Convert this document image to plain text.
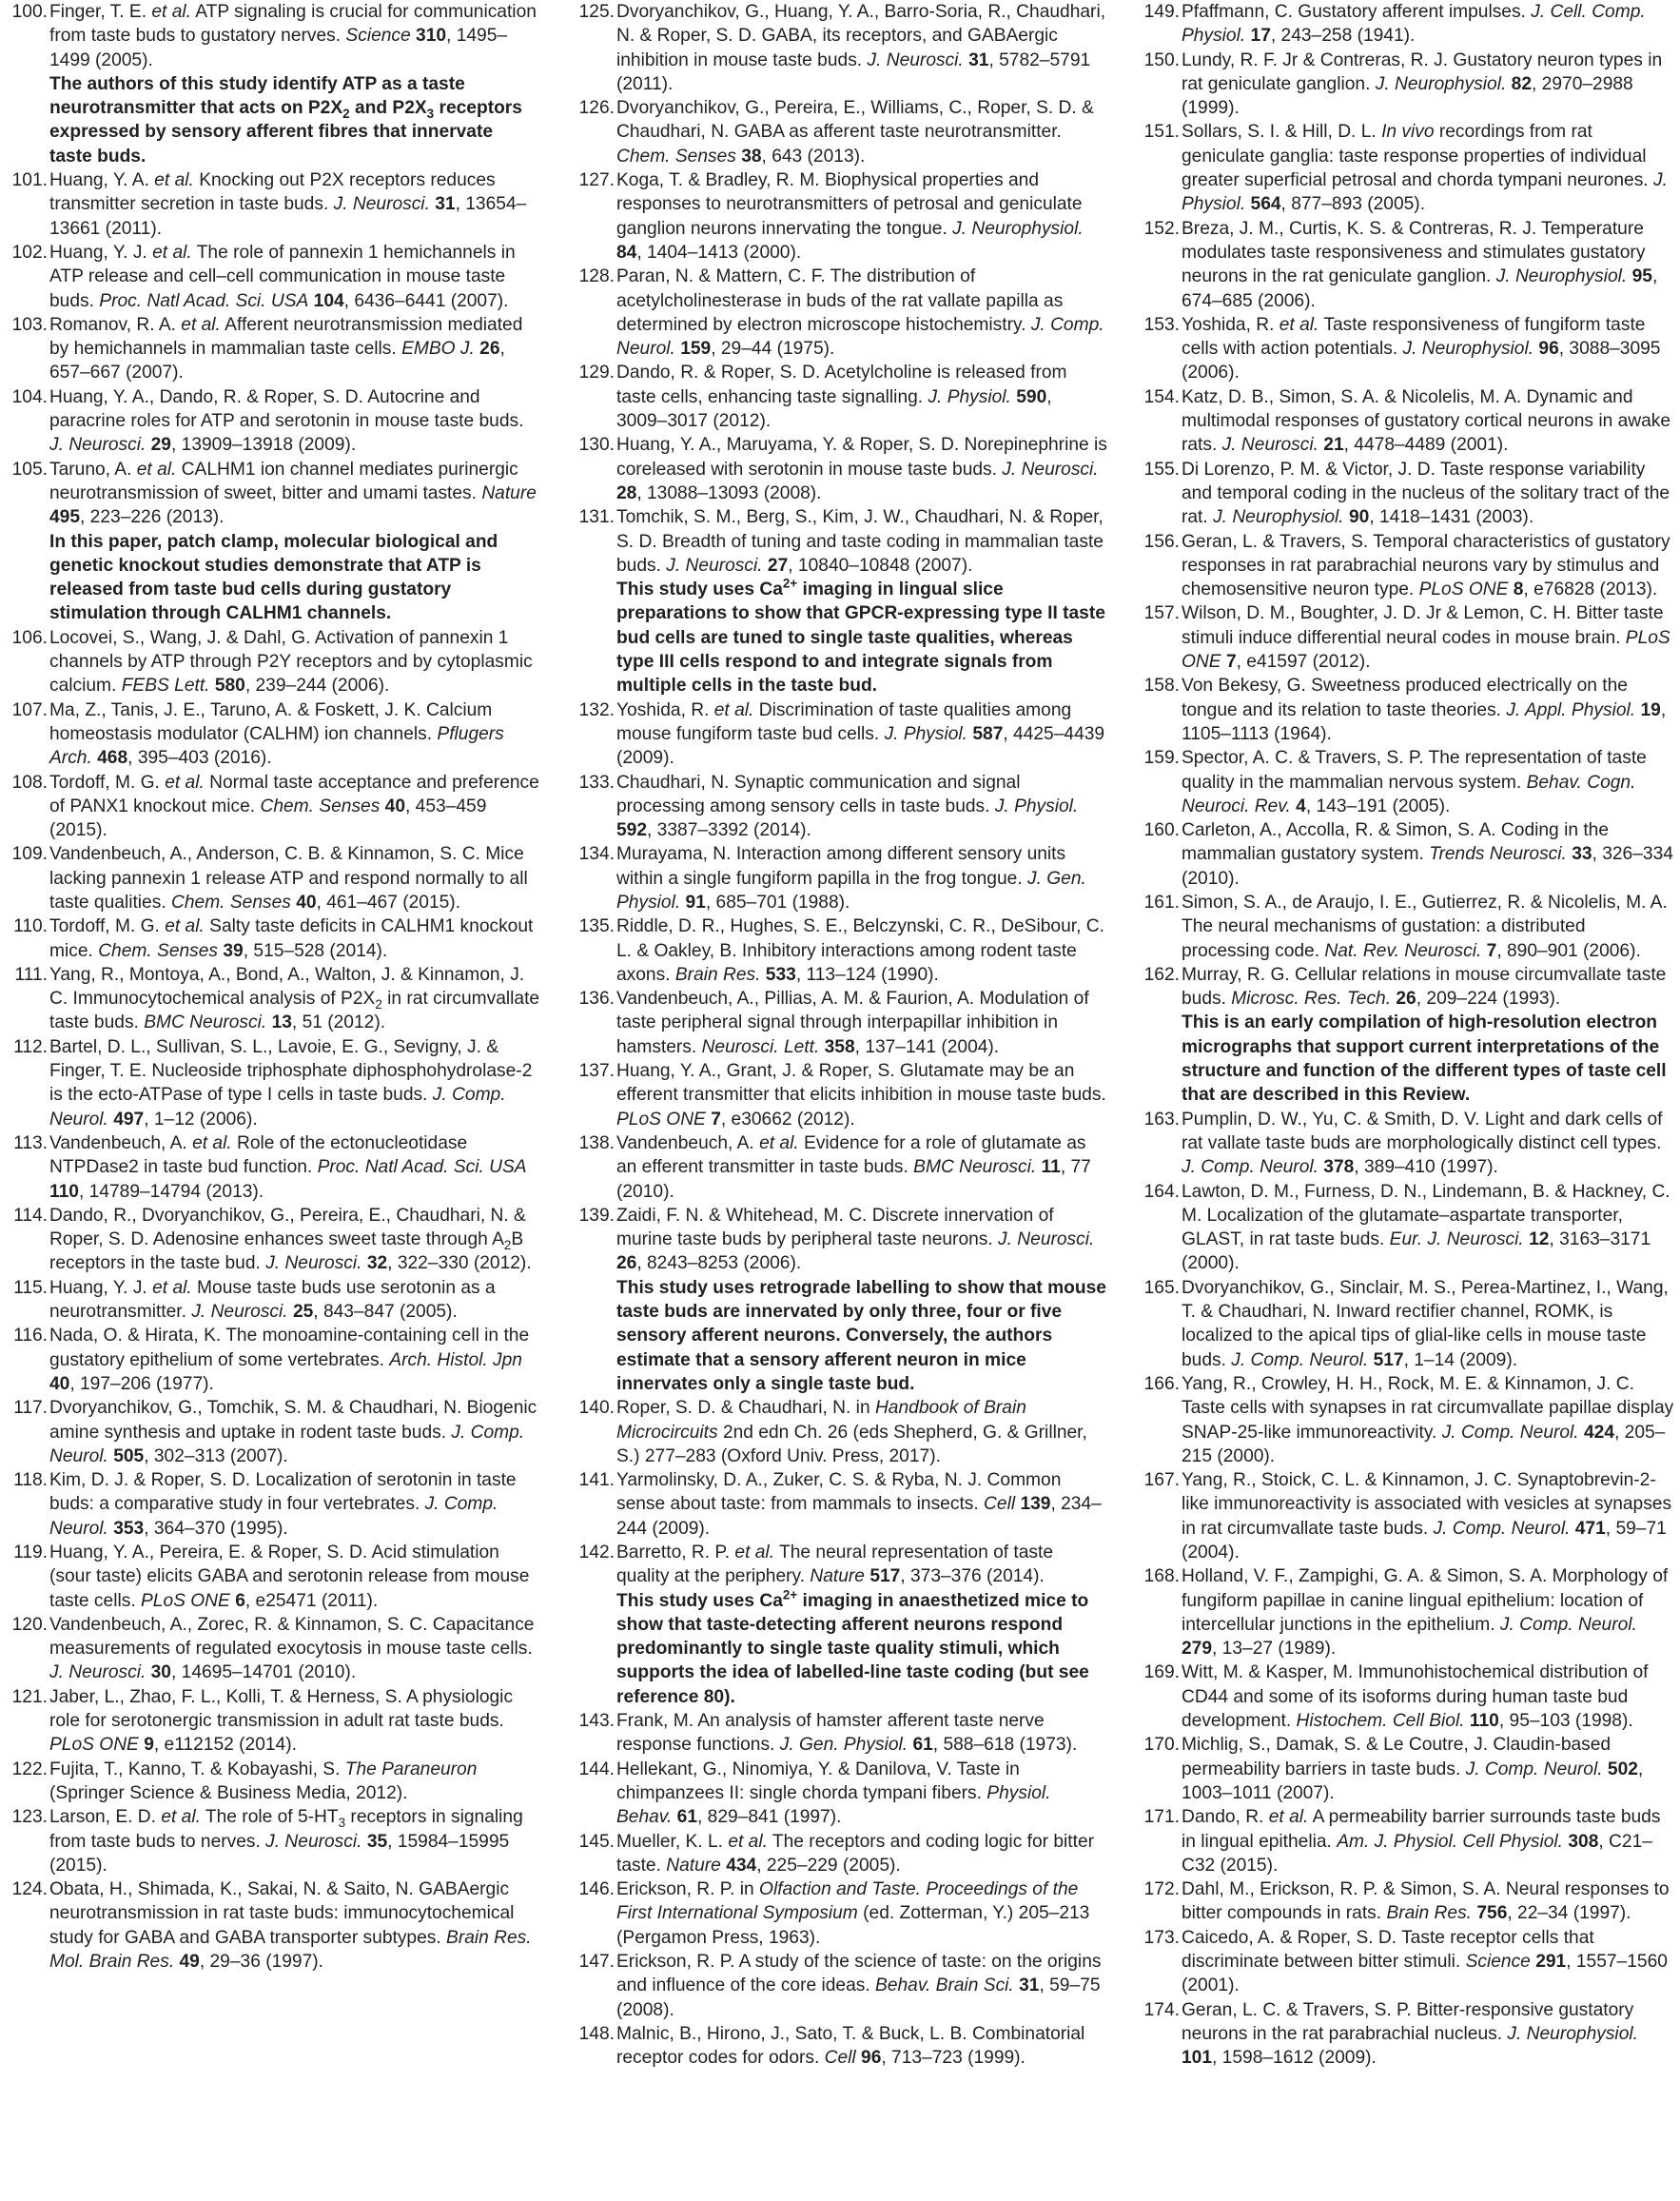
100. Finger, T. E. et al. ATP signaling is crucial for communication from taste buds to gustatory nerves. Science 310, 1495–1499 (2005).
The authors of this study identify ATP as a taste neurotransmitter that acts on $P2X_2$ and $P2X_3$ receptors expressed by sensory afferent fibres that innervate taste buds.

101. Huang, Y. A. et al. Knocking out P2X receptors reduces transmitter secretion in taste buds. J. Neurosci. 31, 13654–13661 (2011).

102. Huang, Y. J. et al. The role of pannexin 1 hemichannels in ATP release and cell–cell communication in mouse taste buds. Proc. Natl Acad. Sci. USA 104, 6436–6441 (2007).

103. Romanov, R. A. et al. Afferent neurotransmission mediated by hemichannels in mammalian taste cells. EMBO J. 26, 657–667 (2007).

104. Huang, Y. A., Dando, R. & Roper, S. D. Autocrine and paracrine roles for ATP and serotonin in mouse taste buds. J. Neurosci. 29, 13909–13918 (2009).

105. Taruno, A. et al. CALHM1 ion channel mediates purinergic neurotransmission of sweet, bitter and umami tastes. Nature 495, 223–226 (2013).
In this paper, patch clamp, molecular biological and genetic knockout studies demonstrate that ATP is released from taste bud cells during gustatory stimulation through CALHM1 channels.

106. Locovei, S., Wang, J. & Dahl, G. Activation of pannexin 1 channels by ATP through P2Y receptors and by cytoplasmic calcium. FEBS Lett. 580, 239–244 (2006).

107. Ma, Z., Tanis, J. E., Taruno, A. & Foskett, J. K. Calcium homeostasis modulator (CALHM) ion channels. Pflugers Arch. 468, 395–403 (2016).

108. Tordoff, M. G. et al. Normal taste acceptance and preference of PANX1 knockout mice. Chem. Senses 40, 453–459 (2015).

109. Vandenbeuch, A., Anderson, C. B. & Kinnamon, S. C. Mice lacking pannexin 1 release ATP and respond normally to all taste qualities. Chem. Senses 40, 461–467 (2015).

110. Tordoff, M. G. et al. Salty taste deficits in CALHM1 knockout mice. Chem. Senses 39, 515–528 (2014).

111. Yang, R., Montoya, A., Bond, A., Walton, J. & Kinnamon, J. C. Immunocytochemical analysis of $P2X_2$ in rat circumvallate taste buds. BMC Neurosci. 13, 51 (2012).

112. Bartel, D. L., Sullivan, S. L., Lavoie, E. G., Sevigny, J. & Finger, T. E. Nucleoside triphosphate diphosphohydrolase-2 is the ecto-ATPase of type I cells in taste buds. J. Comp. Neurol. 497, 1–12 (2006).

113. Vandenbeuch, A. et al. Role of the ectonucleotidase NTPDase2 in taste bud function. Proc. Natl Acad. Sci. USA 110, 14789–14794 (2013).

114. Dando, R., Dvoryanchikov, G., Pereira, E., Chaudhari, N. & Roper, S. D. Adenosine enhances sweet taste through $A_2B$ receptors in the taste bud. J. Neurosci. 32, 322–330 (2012).

115. Huang, Y. J. et al. Mouse taste buds use serotonin as a neurotransmitter. J. Neurosci. 25, 843–847 (2005).

116. Nada, O. & Hirata, K. The monoamine-containing cell in the gustatory epithelium of some vertebrates. Arch. Histol. Jpn 40, 197–206 (1977).

117. Dvoryanchikov, G., Tomchik, S. M. & Chaudhari, N. Biogenic amine synthesis and uptake in rodent taste buds. J. Comp. Neurol. 505, 302–313 (2007).

118. Kim, D. J. & Roper, S. D. Localization of serotonin in taste buds: a comparative study in four vertebrates. J. Comp. Neurol. 353, 364–370 (1995).

119. Huang, Y. A., Pereira, E. & Roper, S. D. Acid stimulation (sour taste) elicits GABA and serotonin release from mouse taste cells. PLoS ONE 6, e25471 (2011).

120. Vandenbeuch, A., Zorec, R. & Kinnamon, S. C. Capacitance measurements of regulated exocytosis in mouse taste cells. J. Neurosci. 30, 14695–14701 (2010).

121. Jaber, L., Zhao, F. L., Kolli, T. & Herness, S. A physiologic role for serotonergic transmission in adult rat taste buds. PLoS ONE 9, e112152 (2014).

122. Fujita, T., Kanno, T. & Kobayashi, S. The Paraneuron (Springer Science & Business Media, 2012).

123. Larson, E. D. et al. The role of $5-HT_3$ receptors in signaling from taste buds to nerves. J. Neurosci. 35, 15984–15995 (2015).

124. Obata, H., Shimada, K., Sakai, N. & Saito, N. GABAergic neurotransmission in rat taste buds: immunocytochemical study for GABA and GABA transporter subtypes. Brain Res. Mol. Brain Res. 49, 29–36 (1997).

125. Dvoryanchikov, G., Huang, Y. A., Barro-Soria, R., Chaudhari, N. & Roper, S. D. GABA, its receptors, and GABAergic inhibition in mouse taste buds. J. Neurosci. 31, 5782–5791 (2011).

126. Dvoryanchikov, G., Pereira, E., Williams, C., Roper, S. D. & Chaudhari, N. GABA as afferent taste neurotransmitter. Chem. Senses 38, 643 (2013).

127. Koga, T. & Bradley, R. M. Biophysical properties and responses to neurotransmitters of petrosal and geniculate ganglion neurons innervating the tongue. J. Neurophysiol. 84, 1404–1413 (2000).

128. Paran, N. & Mattern, C. F. The distribution of acetylcholinesterase in buds of the rat vallate papilla as determined by electron microscope histochemistry. J. Comp. Neurol. 159, 29–44 (1975).

129. Dando, R. & Roper, S. D. Acetylcholine is released from taste cells, enhancing taste signalling. J. Physiol. 590, 3009–3017 (2012).

130. Huang, Y. A., Maruyama, Y. & Roper, S. D. Norepinephrine is coreleased with serotonin in mouse taste buds. J. Neurosci. 28, 13088–13093 (2008).

131. Tomchik, S. M., Berg, S., Kim, J. W., Chaudhari, N. & Roper, S. D. Breadth of tuning and taste coding in mammalian taste buds. J. Neurosci. 27, 10840–10848 (2007).
This study uses $Ca^{2+}$ imaging in lingual slice preparations to show that GPCR-expressing type II taste bud cells are tuned to single taste qualities, whereas type III cells respond to and integrate signals from multiple cells in the taste bud.

132. Yoshida, R. et al. Discrimination of taste qualities among mouse fungiform taste bud cells. J. Physiol. 587, 4425–4439 (2009).

133. Chaudhari, N. Synaptic communication and signal processing among sensory cells in taste buds. J. Physiol. 592, 3387–3392 (2014).

134. Murayama, N. Interaction among different sensory units within a single fungiform papilla in the frog tongue. J. Gen. Physiol. 91, 685–701 (1988).

135. Riddle, D. R., Hughes, S. E., Belczynski, C. R., DeSibour, C. L. & Oakley, B. Inhibitory interactions among rodent taste axons. Brain Res. 533, 113–124 (1990).

136. Vandenbeuch, A., Pillias, A. M. & Faurion, A. Modulation of taste peripheral signal through interpapillar inhibition in hamsters. Neurosci. Lett. 358, 137–141 (2004).

137. Huang, Y. A., Grant, J. & Roper, S. Glutamate may be an efferent transmitter that elicits inhibition in mouse taste buds. PLoS ONE 7, e30662 (2012).

138. Vandenbeuch, A. et al. Evidence for a role of glutamate as an efferent transmitter in taste buds. BMC Neurosci. 11, 77 (2010).

139. Zaidi, F. N. & Whitehead, M. C. Discrete innervation of murine taste buds by peripheral taste neurons. J. Neurosci. 26, 8243–8253 (2006).
This study uses retrograde labelling to show that mouse taste buds are innervated by only three, four or five sensory afferent neurons. Conversely, the authors estimate that a sensory afferent neuron in mice innervates only a single taste bud.

140. Roper, S. D. & Chaudhari, N. in Handbook of Brain Microcircuits 2nd edn Ch. 26 (eds Shepherd, G. & Grillner, S.) 277–283 (Oxford Univ. Press, 2017).

141. Yarmolinsky, D. A., Zuker, C. S. & Ryba, N. J. Common sense about taste: from mammals to insects. Cell 139, 234–244 (2009).

142. Barretto, R. P. et al. The neural representation of taste quality at the periphery. Nature 517, 373–376 (2014).
This study uses $Ca^{2+}$ imaging in anaesthetized mice to show that taste-detecting afferent neurons respond predominantly to single taste quality stimuli, which supports the idea of labelled-line taste coding (but see reference 80).

143. Frank, M. An analysis of hamster afferent taste nerve response functions. J. Gen. Physiol. 61, 588–618 (1973).

144. Hellekant, G., Ninomiya, Y. & Danilova, V. Taste in chimpanzees II: single chorda tympani fibers. Physiol. Behav. 61, 829–841 (1997).

145. Mueller, K. L. et al. The receptors and coding logic for bitter taste. Nature 434, 225–229 (2005).

146. Erickson, R. P. in Olfaction and Taste. Proceedings of the First International Symposium (ed. Zotterman, Y.) 205–213 (Pergamon Press, 1963).

147. Erickson, R. P. A study of the science of taste: on the origins and influence of the core ideas. Behav. Brain Sci. 31, 59–75 (2008).

148. Malnic, B., Hirono, J., Sato, T. & Buck, L. B. Combinatorial receptor codes for odors. Cell 96, 713–723 (1999).

149. Pfaffmann, C. Gustatory afferent impulses. J. Cell. Comp. Physiol. 17, 243–258 (1941).

150. Lundy, R. F. Jr & Contreras, R. J. Gustatory neuron types in rat geniculate ganglion. J. Neurophysiol. 82, 2970–2988 (1999).

151. Sollars, S. I. & Hill, D. L. In vivo recordings from rat geniculate ganglia: taste response properties of individual greater superficial petrosal and chorda tympani neurones. J. Physiol. 564, 877–893 (2005).

152. Breza, J. M., Curtis, K. S. & Contreras, R. J. Temperature modulates taste responsiveness and stimulates gustatory neurons in the rat geniculate ganglion. J. Neurophysiol. 95, 674–685 (2006).

153. Yoshida, R. et al. Taste responsiveness of fungiform taste cells with action potentials. J. Neurophysiol. 96, 3088–3095 (2006).

154. Katz, D. B., Simon, S. A. & Nicolelis, M. A. Dynamic and multimodal responses of gustatory cortical neurons in awake rats. J. Neurosci. 21, 4478–4489 (2001).

155. Di Lorenzo, P. M. & Victor, J. D. Taste response variability and temporal coding in the nucleus of the solitary tract of the rat. J. Neurophysiol. 90, 1418–1431 (2003).

156. Geran, L. & Travers, S. Temporal characteristics of gustatory responses in rat parabrachial neurons vary by stimulus and chemosensitive neuron type. PLoS ONE 8, e76828 (2013).

157. Wilson, D. M., Boughter, J. D. Jr & Lemon, C. H. Bitter taste stimuli induce differential neural codes in mouse brain. PLoS ONE 7, e41597 (2012).

158. Von Bekesy, G. Sweetness produced electrically on the tongue and its relation to taste theories. J. Appl. Physiol. 19, 1105–1113 (1964).

159. Spector, A. C. & Travers, S. P. The representation of taste quality in the mammalian nervous system. Behav. Cogn. Neuroci. Rev. 4, 143–191 (2005).

160. Carleton, A., Accolla, R. & Simon, S. A. Coding in the mammalian gustatory system. Trends Neurosci. 33, 326–334 (2010).

161. Simon, S. A., de Araujo, I. E., Gutierrez, R. & Nicolelis, M. A. The neural mechanisms of gustation: a distributed processing code. Nat. Rev. Neurosci. 7, 890–901 (2006).

162. Murray, R. G. Cellular relations in mouse circumvallate taste buds. Microsc. Res. Tech. 26, 209–224 (1993).
This is an early compilation of high-resolution electron micrographs that support current interpretations of the structure and function of the different types of taste cell that are described in this Review.

163. Pumplin, D. W., Yu, C. & Smith, D. V. Light and dark cells of rat vallate taste buds are morphologically distinct cell types. J. Comp. Neurol. 378, 389–410 (1997).

164. Lawton, D. M., Furness, D. N., Lindemann, B. & Hackney, C. M. Localization of the glutamate–aspartate transporter, GLAST, in rat taste buds. Eur. J. Neurosci. 12, 3163–3171 (2000).

165. Dvoryanchikov, G., Sinclair, M. S., Perea-Martinez, I., Wang, T. & Chaudhari, N. Inward rectifier channel, ROMK, is localized to the apical tips of glial-like cells in mouse taste buds. J. Comp. Neurol. 517, 1–14 (2009).

166. Yang, R., Crowley, H. H., Rock, M. E. & Kinnamon, J. C. Taste cells with synapses in rat circumvallate papillae display SNAP-25-like immunoreactivity. J. Comp. Neurol. 424, 205–215 (2000).

167. Yang, R., Stoick, C. L. & Kinnamon, J. C. Synaptobrevin-2-like immunoreactivity is associated with vesicles at synapses in rat circumvallate taste buds. J. Comp. Neurol. 471, 59–71 (2004).

168. Holland, V. F., Zampighi, G. A. & Simon, S. A. Morphology of fungiform papillae in canine lingual epithelium: location of intercellular junctions in the epithelium. J. Comp. Neurol. 279, 13–27 (1989).

169. Witt, M. & Kasper, M. Immunohistochemical distribution of CD44 and some of its isoforms during human taste bud development. Histochem. Cell Biol. 110, 95–103 (1998).

170. Michlig, S., Damak, S. & Le Coutre, J. Claudin-based permeability barriers in taste buds. J. Comp. Neurol. 502, 1003–1011 (2007).

171. Dando, R. et al. A permeability barrier surrounds taste buds in lingual epithelia. Am. J. Physiol. Cell Physiol. 308, C21–C32 (2015).

172. Dahl, M., Erickson, R. P. & Simon, S. A. Neural responses to bitter compounds in rats. Brain Res. 756, 22–34 (1997).

173. Caicedo, A. & Roper, S. D. Taste receptor cells that discriminate between bitter stimuli. Science 291, 1557–1560 (2001).

174. Geran, L. C. & Travers, S. P. Bitter-responsive gustatory neurons in the rat parabrachial nucleus. J. Neurophysiol. 101, 1598–1612 (2009).
